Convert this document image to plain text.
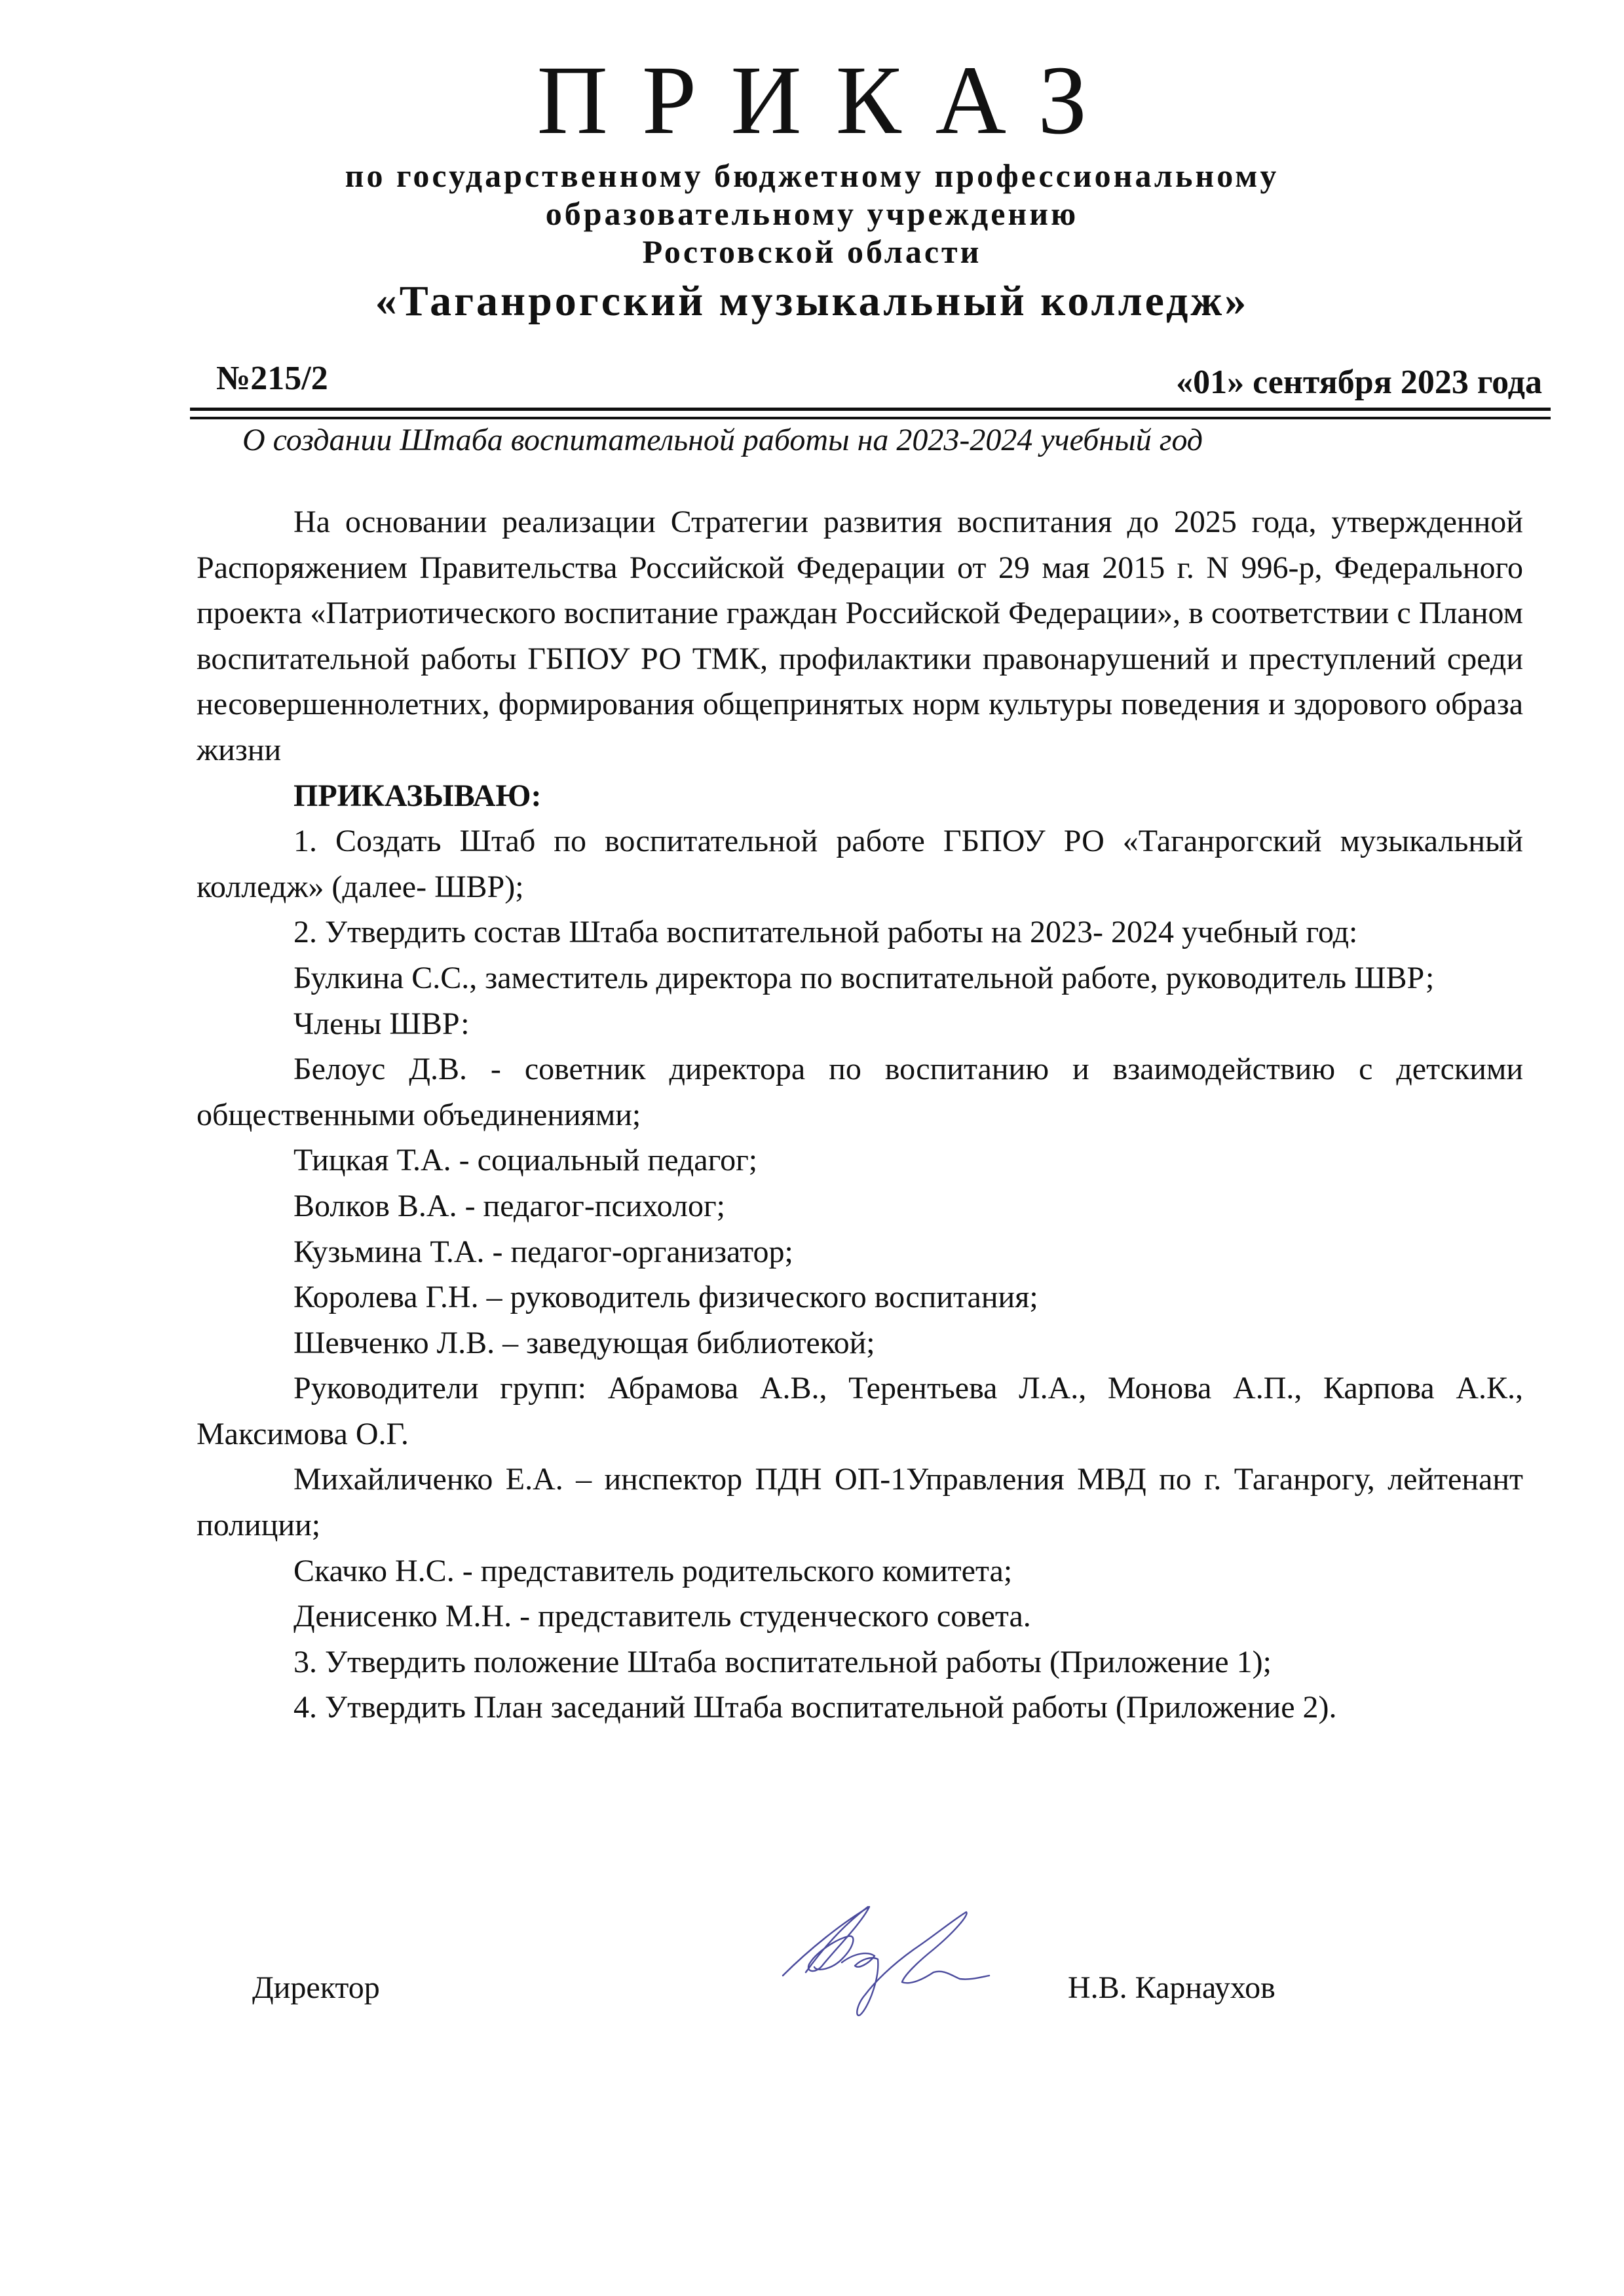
ПРИКАЗ
по государственному бюджетному профессиональному
образовательному учреждению
Ростовской области
«Таганрогский музыкальный колледж»
№215/2	«01» сентября 2023 года
О создании Штаба воспитательной работы на 2023-2024 учебный год

На основании реализации Стратегии развития воспитания до 2025 года, утвержденной Распоряжением Правительства Российской Федерации от 29 мая 2015 г. N 996-р, Федерального проекта «Патриотического воспитание граждан Российской Федерации», в соответствии с Планом воспитательной работы ГБПОУ РО ТМК, профилактики правонарушений и преступлений среди несовершеннолетних, формирования общепринятых норм культуры поведения и здорового образа жизни

ПРИКАЗЫВАЮ:

1. Создать Штаб по воспитательной работе ГБПОУ РО «Таганрогский музыкальный колледж» (далее- ШВР);

2. Утвердить состав Штаба воспитательной работы на 2023- 2024 учебный год:

Булкина С.С., заместитель директора по воспитательной работе, руководитель ШВР;

Члены ШВР:

Белоус Д.В. - советник директора по воспитанию и взаимодействию с детскими общественными объединениями;

Тицкая Т.А. - социальный педагог;

Волков В.А. - педагог-психолог;

Кузьмина Т.А. - педагог-организатор;

Королева Г.Н. – руководитель физического воспитания;

Шевченко Л.В. – заведующая библиотекой;

Руководители групп: Абрамова А.В., Терентьева Л.А., Монова А.П., Карпова А.К., Максимова О.Г.

Михайличенко Е.А. – инспектор ПДН ОП-1Управления МВД по г. Таганрогу, лейтенант полиции;

Скачко Н.С. - представитель родительского комитета;

Денисенко М.Н. - представитель студенческого совета.

3. Утвердить положение Штаба воспитательной работы (Приложение 1);

4. Утвердить План заседаний Штаба воспитательной работы (Приложение 2).

Директор	Н.В. Карнаухов
